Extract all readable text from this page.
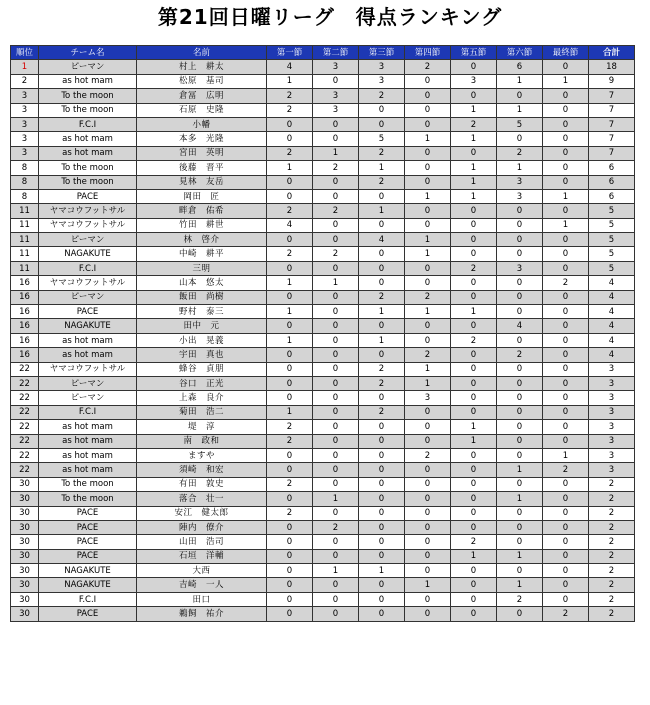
第21回日曜リーグ　得点ランキング
順位	チーム名	名前	第一節	第二節	第三節	第四節	第五節	第六節	最終節	合計
1	ピーマン	村上　耕太	4	3	3	2	0	6	0	18
2	as hot mam	松原　基司	1	0	3	0	3	1	1	9
3	To the moon	倉冨　広明	2	3	2	0	0	0	0	7
3	To the moon	石原　史隆	2	3	0	0	1	1	0	7
3	F.C.I	小幡	0	0	0	0	2	5	0	7
3	as hot mam	本多　光隆	0	0	5	1	1	0	0	7
3	as hot mam	宮田　英明	2	1	2	0	0	2	0	7
8	To the moon	後藤　晋平	1	2	1	0	1	1	0	6
8	To the moon	見林　友岳	0	0	2	0	1	3	0	6
8	PACE	岡田　匠	0	0	0	1	1	3	1	6
11	ヤマコウフットサル	畔倉　佑希	2	2	1	0	0	0	0	5
11	ヤマコウフットサル	竹田　耕世	4	0	0	0	0	0	1	5
11	ピーマン	林　啓介	0	0	4	1	0	0	0	5
11	NAGAKUTE	中崎　耕平	2	2	0	1	0	0	0	5
11	F.C.I	三明	0	0	0	0	2	3	0	5
16	ヤマコウフットサル	山本　悠太	1	1	0	0	0	0	2	4
16	ピーマン	飯田　尚樹	0	0	2	2	0	0	0	4
16	PACE	野村　泰三	1	0	1	1	1	0	0	4
16	NAGAKUTE	田中　元	0	0	0	0	0	4	0	4
16	as hot mam	小出　晃義	1	0	1	0	2	0	0	4
16	as hot mam	宇田　真也	0	0	0	2	0	2	0	4
22	ヤマコウフットサル	蜂谷　貞朋	0	0	2	1	0	0	0	3
22	ピーマン	谷口　正光	0	0	2	1	0	0	0	3
22	ピーマン	上森　良介	0	0	0	3	0	0	0	3
22	F.C.I	菊田　浩二	1	0	2	0	0	0	0	3
22	as hot mam	堤　淳	2	0	0	0	1	0	0	3
22	as hot mam	南　政和	2	0	0	0	1	0	0	3
22	as hot mam	ますや	0	0	0	2	0	0	1	3
22	as hot mam	須崎　和宏	0	0	0	0	0	1	2	3
30	To the moon	有田　敦史	2	0	0	0	0	0	0	2
30	To the moon	落合　壮一	0	1	0	0	0	1	0	2
30	PACE	安江　健太郎	2	0	0	0	0	0	0	2
30	PACE	陣内　僚介	0	2	0	0	0	0	0	2
30	PACE	山田　浩司	0	0	0	0	2	0	0	2
30	PACE	石垣　洋輔	0	0	0	0	1	1	0	2
30	NAGAKUTE	大西	0	1	1	0	0	0	0	2
30	NAGAKUTE	吉崎　一人	0	0	0	1	0	1	0	2
30	F.C.I	田口	0	0	0	0	0	2	0	2
30	PACE	鵜飼　祐介	0	0	0	0	0	0	2	2
